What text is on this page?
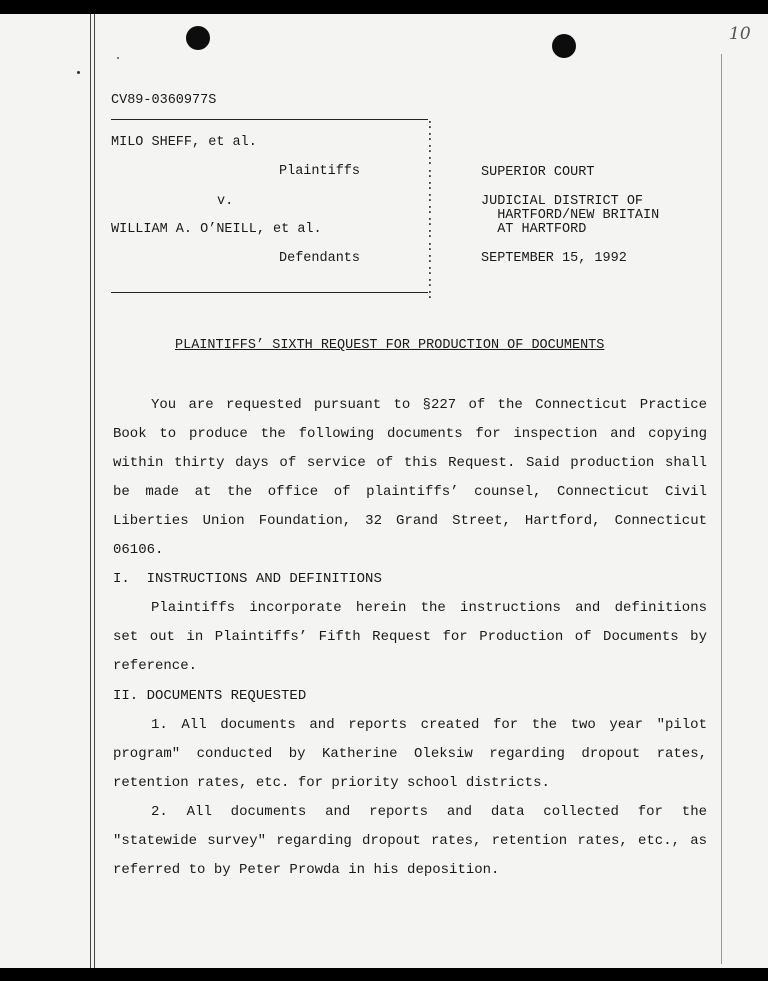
10
CV89-0360977S
MILO SHEFF, et al.
Plaintiffs
v.
WILLIAM A. O’NEILL, et al.
Defendants
:
:
:
:
:
:
:
:
:
:
:
:
:
:
:
SUPERIOR COURT
JUDICIAL DISTRICT OF
HARTFORD/NEW BRITAIN
AT HARTFORD
SEPTEMBER 15, 1992
PLAINTIFFS’ SIXTH REQUEST FOR PRODUCTION OF DOCUMENTS
You are requested pursuant to §227 of the Connecticut Practice
Book to produce the following documents for inspection and copying
within thirty days of service of this Request. Said production shall
be made at the office of plaintiffs’ counsel, Connecticut Civil
Liberties Union Foundation, 32 Grand Street, Hartford, Connecticut
06106.
I.  INSTRUCTIONS AND DEFINITIONS
Plaintiffs incorporate herein the instructions and definitions
set out in Plaintiffs’ Fifth Request for Production of Documents by
reference.
II. DOCUMENTS REQUESTED
1. All documents and reports created for the two year "pilot
program" conducted by Katherine Oleksiw regarding dropout rates,
retention rates, etc. for priority school districts.
2. All documents and reports and data collected for the
"statewide survey" regarding dropout rates, retention rates, etc., as
referred to by Peter Prowda in his deposition.
